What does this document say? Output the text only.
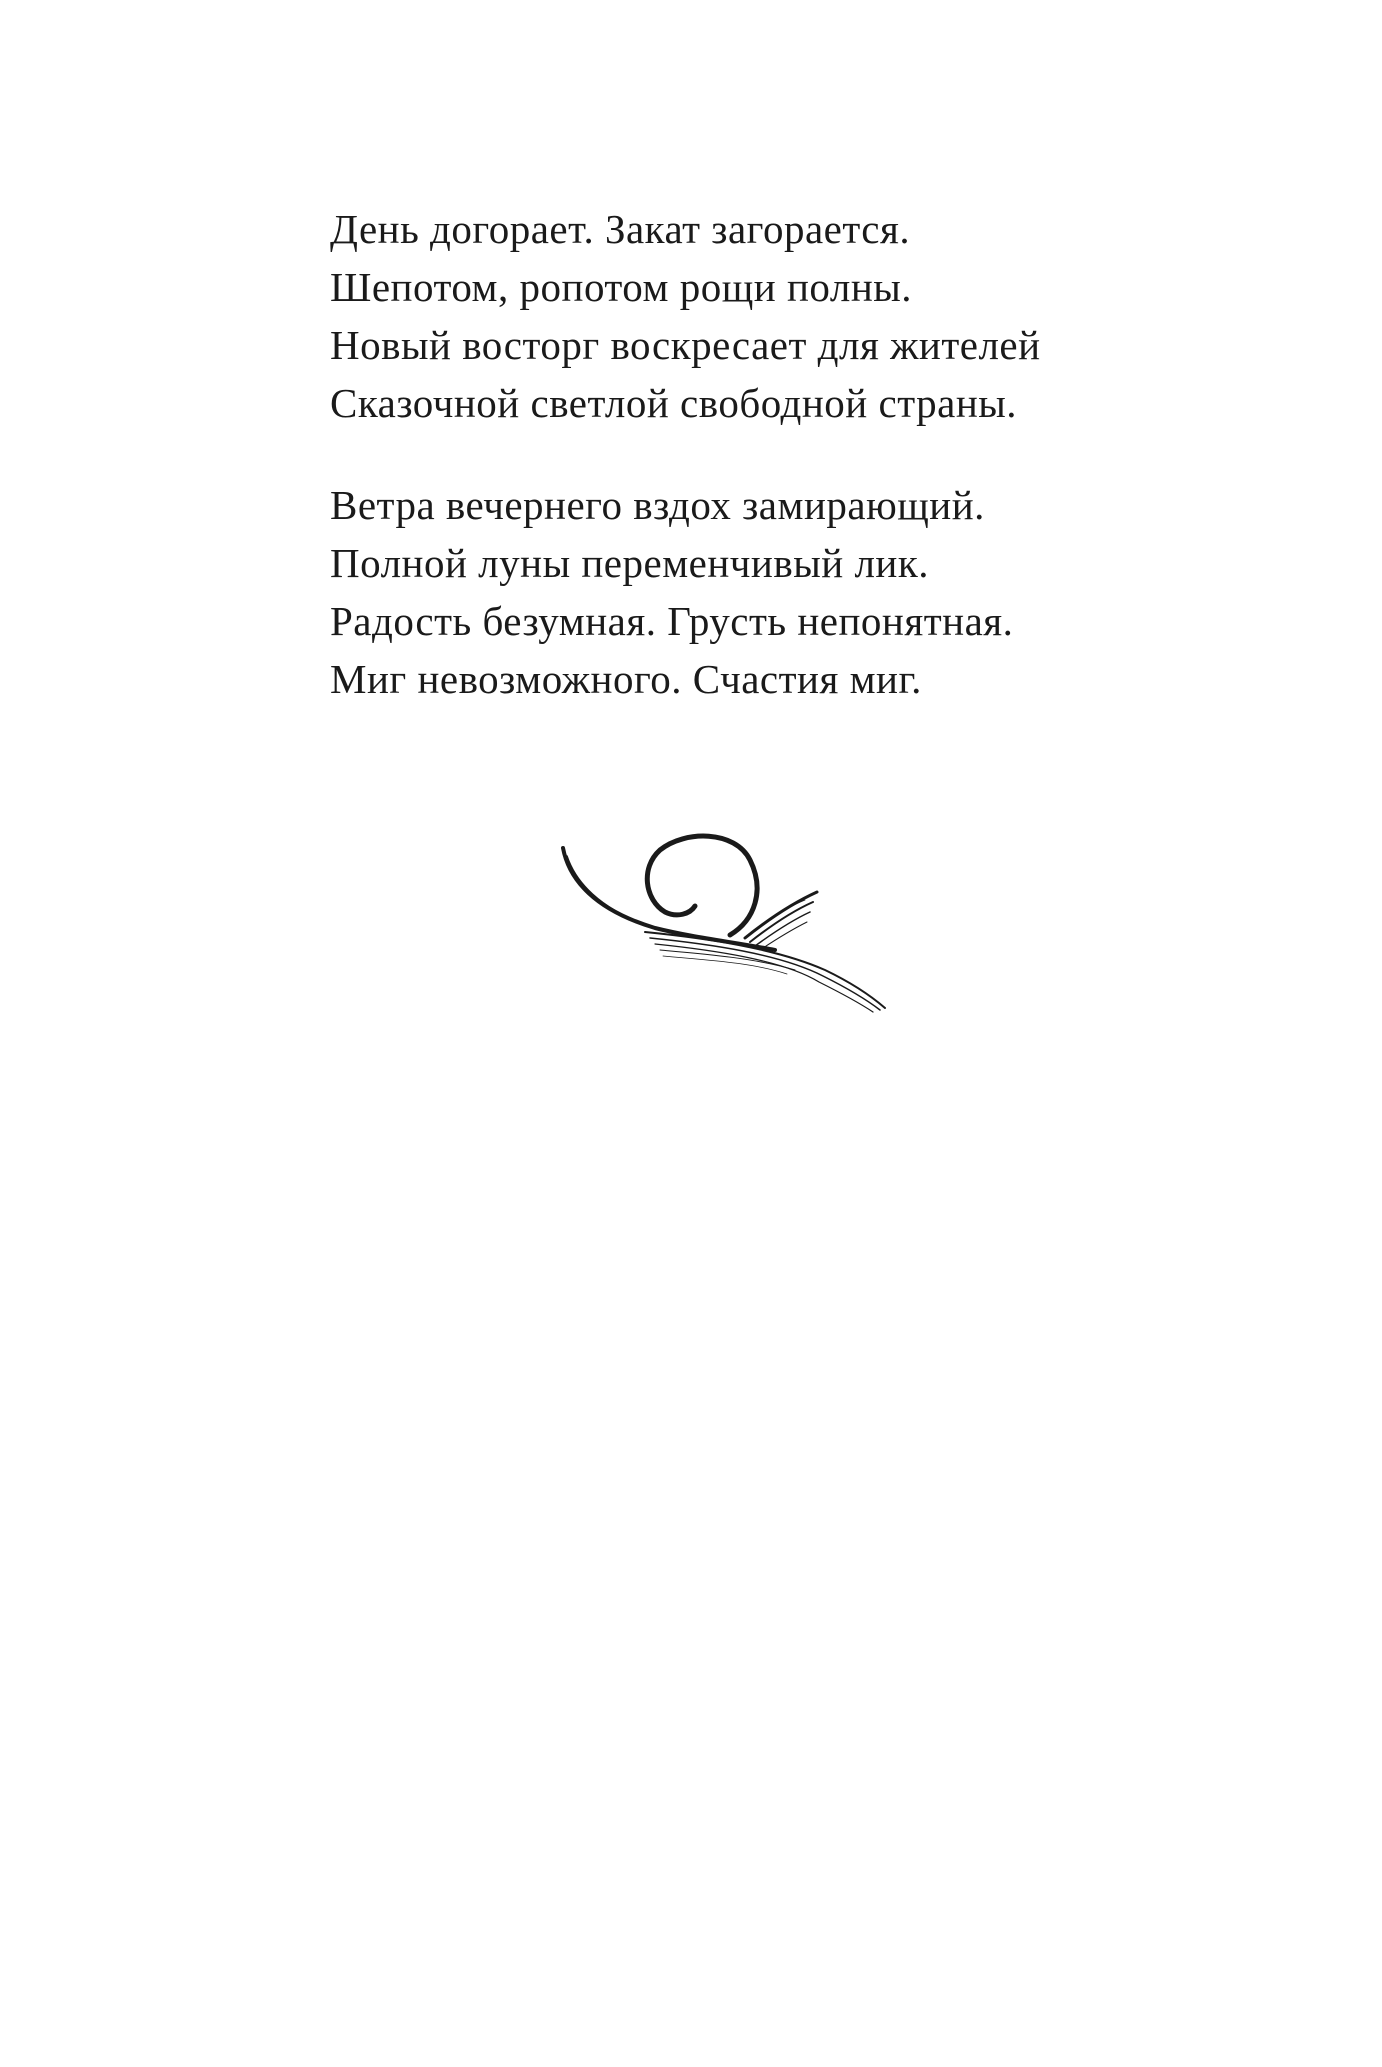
День догорает. Закат загорается.
Шепотом, ропотом рощи полны.
Новый восторг воскресает для жителей
Сказочной светлой свободной страны.
Ветра вечернего вздох замирающий.
Полной луны переменчивый лик.
Радость безумная. Грусть непонятная.
Миг невозможного. Счастия миг.
